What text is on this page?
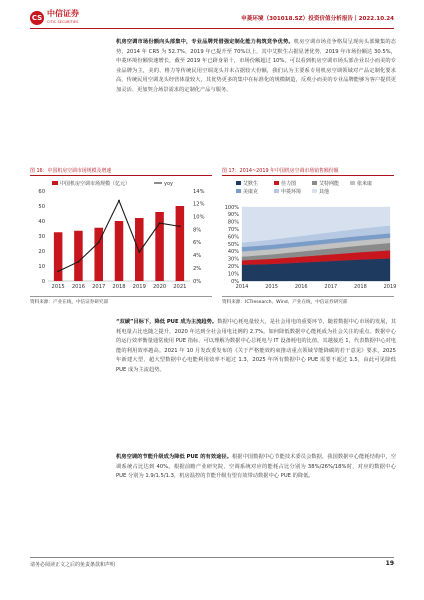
CS 中信证券
CITIC SECURITIES	申菱环境（301018.SZ）投资价值分析报告丨2022.10.24
机房空调市场份额向头部集中，专业品牌凭借强定制化能力构筑竞争优势。机房空调市场竞争格局呈现向头部聚集的态势，2014 年 CR5 为 52.7%，2019 年已提升至 70%以上，其中艾默生占据显著优势，2019 年市场份额达 30.5%，申菱环境份额快速增长，截至 2019 年已跻身第十，市场份额超过 10%。可以看到机房空调市场头部企业以小而美的专业品牌为主，美的、格力等传统民用空调龙头并未占据较大份额，我们认为主要系专用机房空调领域对产品定制化要求高，传统民用空调龙头经营体量较大，其优势更多的集中在标准化的规模制造，反观小而美的专业品牌能够为客户提供更加灵活、更加契合场景需求的定制化产品与服务。
图 16：中国机房空调市场规模及增速
0
10
20
30
40
50
60
0%
2%
4%
6%
8%
10%
12%
14%
2015 2016 2017 2018 2019 2020 2021
中国机房空调市场规模（亿元）	yoy
资料来源：产业在线，中信证券研究部
图 17：2014~2019 年中国机房空调市场销售额份额
0%
10%
20%
30%
40%
50%
60%
70%
80%
90%
100%
2014	2015	2016	2017	2018	2019
艾默生	佳力图	艾特网能	依米康
美康克	申菱环境	其他
资料来源：ICTresearch、Wind、产业在线，中信证券研究部
“双碳”目标下，降低 PUE 成为主流趋势。数据中心耗电量较大，是社会用电的重要环节，随着数据中心市场的发展，其耗电量占比也随之提升，2020 年达到全社会用电比例的 2.7%。如何降低数据中心能耗成为社会关注的重点。数据中心的运行效率衡量通常使用 PUE 指标，可以理解为数据中心总耗电与 IT 设备耗电的比值，其越接近 1，代表数据中心对电能的利用效率越高。2021 年 10 月发改委发布的《关于严格能效约束推动重点领域节能降碳的若干意见》要求，2025 年新建大型、超大型数据中心电能利用效率不超过 1.3，2025 年所有数据中心 PUE 需要不超过 1.5，由此可见降低 PUE 成为主流趋势。
机房空调的节能升级成为降低 PUE 的有效途径。根据中国数据中心节能技术委员会数据，我国数据中心能耗结构中，空调系统占比达到 40%。根据前瞻产业研究院，空调系统对应的能耗占比分别为 38%/26%/18%时，对应的数据中心 PUE 分别为 1.9/1.5/1.3，机房温控的节能升级有望有效带动数据中心 PUE 的降低。
请务必阅读正文之后的免责条款和声明	19
